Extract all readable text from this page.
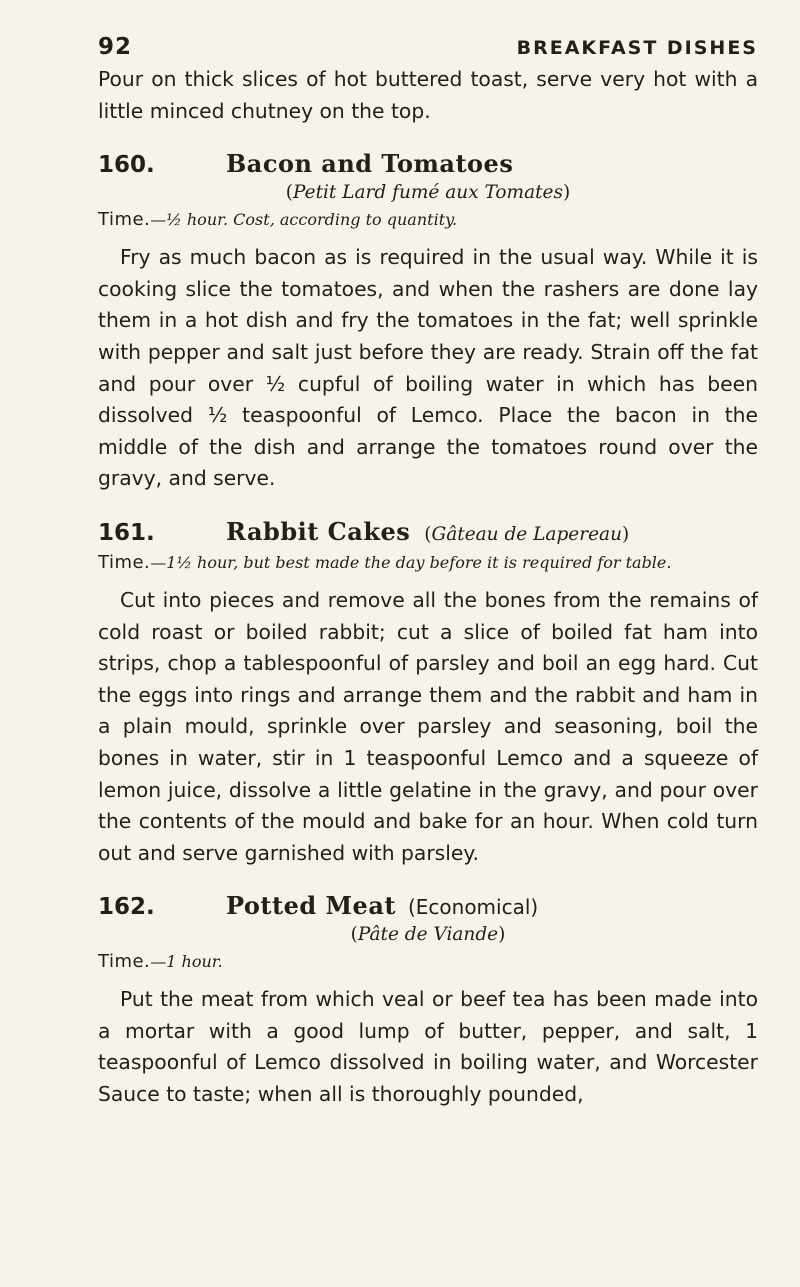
92	BREAKFAST DISHES

Pour on thick slices of hot buttered toast, serve very hot with a little minced chutney on the top.

160.	Bacon and Tomatoes
( Petit Lard fumé aux Tomates )
Time.—½ hour. Cost, according to quantity.

Fry as much bacon as is required in the usual way. While it is cooking slice the tomatoes, and when the rashers are done lay them in a hot dish and fry the tomatoes in the fat; well sprinkle with pepper and salt just before they are ready. Strain off the fat and pour over ½ cupful of boiling water in which has been dissolved ½ teaspoonful of Lemco. Place the bacon in the middle of the dish and arrange the tomatoes round over the gravy, and serve.

161.	Rabbit Cakes
(	Gâteau de Lapereau )
Time.—1½ hour, but best made the day before it is required for table.

Cut into pieces and remove all the bones from the remains of cold roast or boiled rabbit; cut a slice of boiled fat ham into strips, chop a tablespoonful of parsley and boil an egg hard. Cut the eggs into rings and arrange them and the rabbit and ham in a plain mould, sprinkle over parsley and seasoning, boil the bones in water, stir in 1 teaspoonful Lemco and a squeeze of lemon juice, dissolve a little gelatine in the gravy, and pour over the contents of the mould and bake for an hour. When cold turn out and serve garnished with parsley.

162.	Potted Meat (Economical)
( Pâte de Viande )
Time.—1 hour.

Put the meat from which veal or beef tea has been made into a mortar with a good lump of butter, pepper, and salt, 1 teaspoonful of Lemco dissolved in boiling water, and Worcester Sauce to taste; when all is thoroughly pounded,
